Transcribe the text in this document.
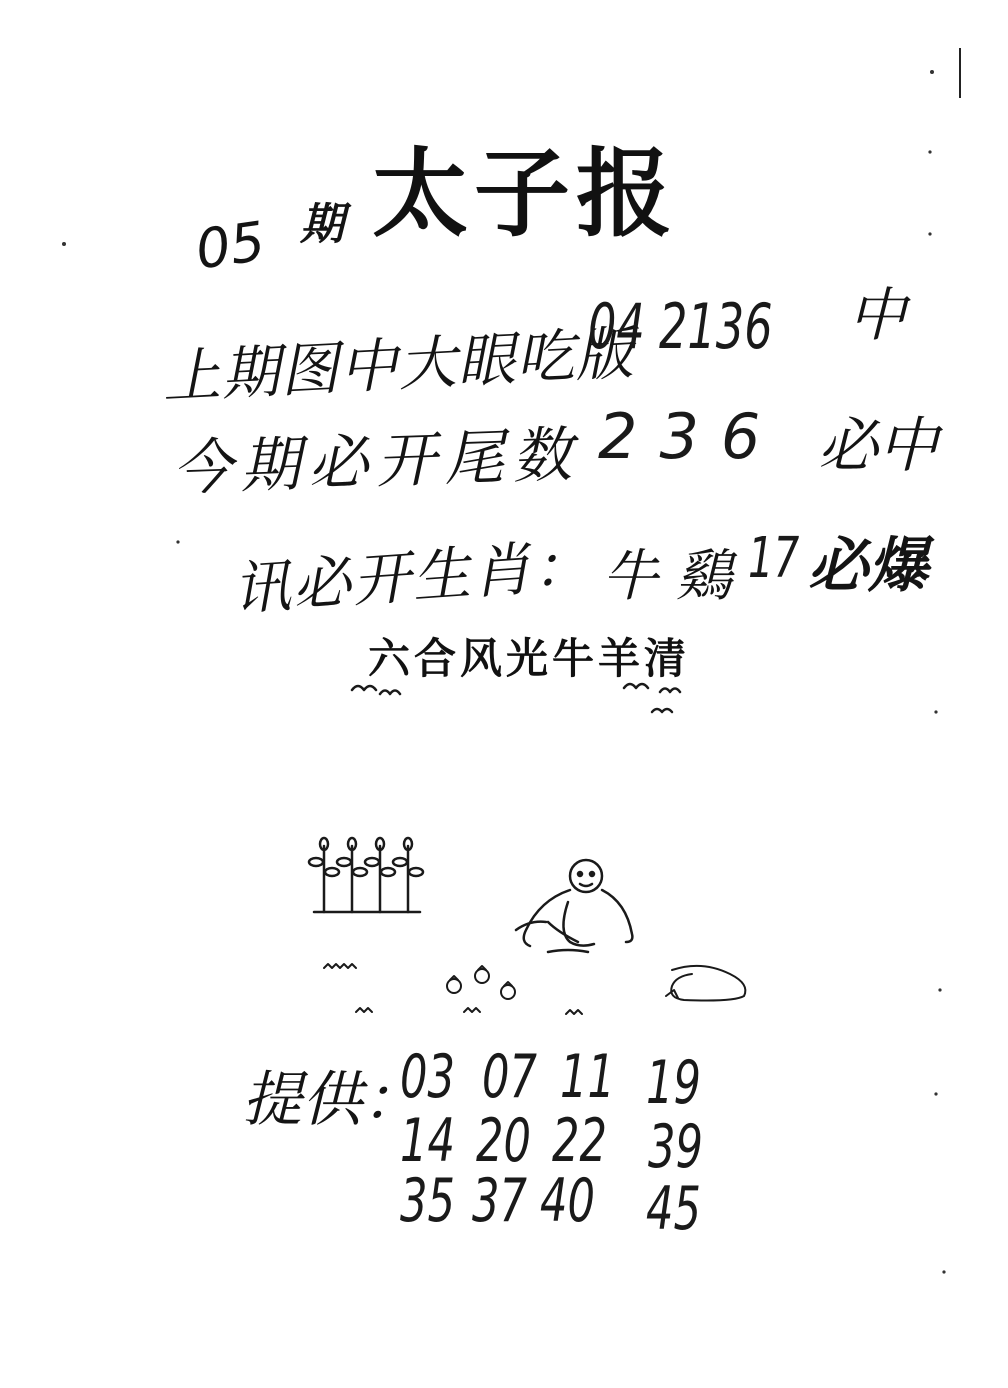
05 期 太子报
上期图中大眼吃版
04 2136 中
今期必开尾数 236 必中
讯必开生肖： 牛 鷄 17 必爆
六合风光牛羊清
提供：
03 07 11 19
14 20 22 39
35 37 40 45
